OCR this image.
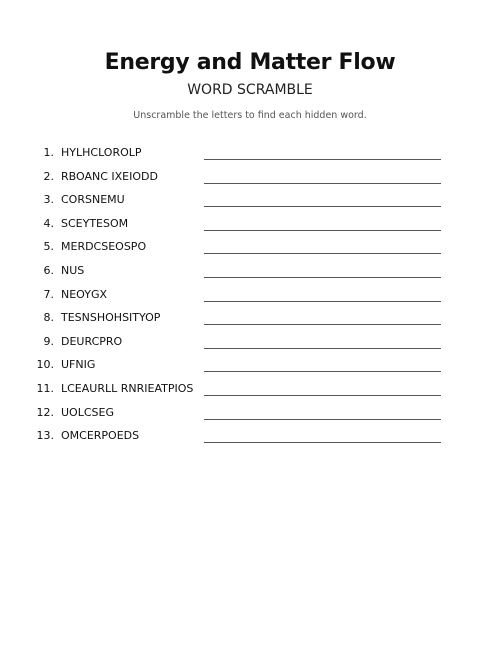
Energy and Matter Flow
WORD SCRAMBLE
Unscramble the letters to find each hidden word.
1. HYLHCLOROLP
2. RBOANC IXEIODD
3. CORSNEMU
4. SCEYTESOM
5. MERDCSEOSPO
6. NUS
7. NEOYGX
8. TESNSHOHSITYOP
9. DEURCPRO
10. UFNIG
11. LCEAURLL RNRIEATPIOS
12. UOLCSEG
13. OMCERPOEDS
